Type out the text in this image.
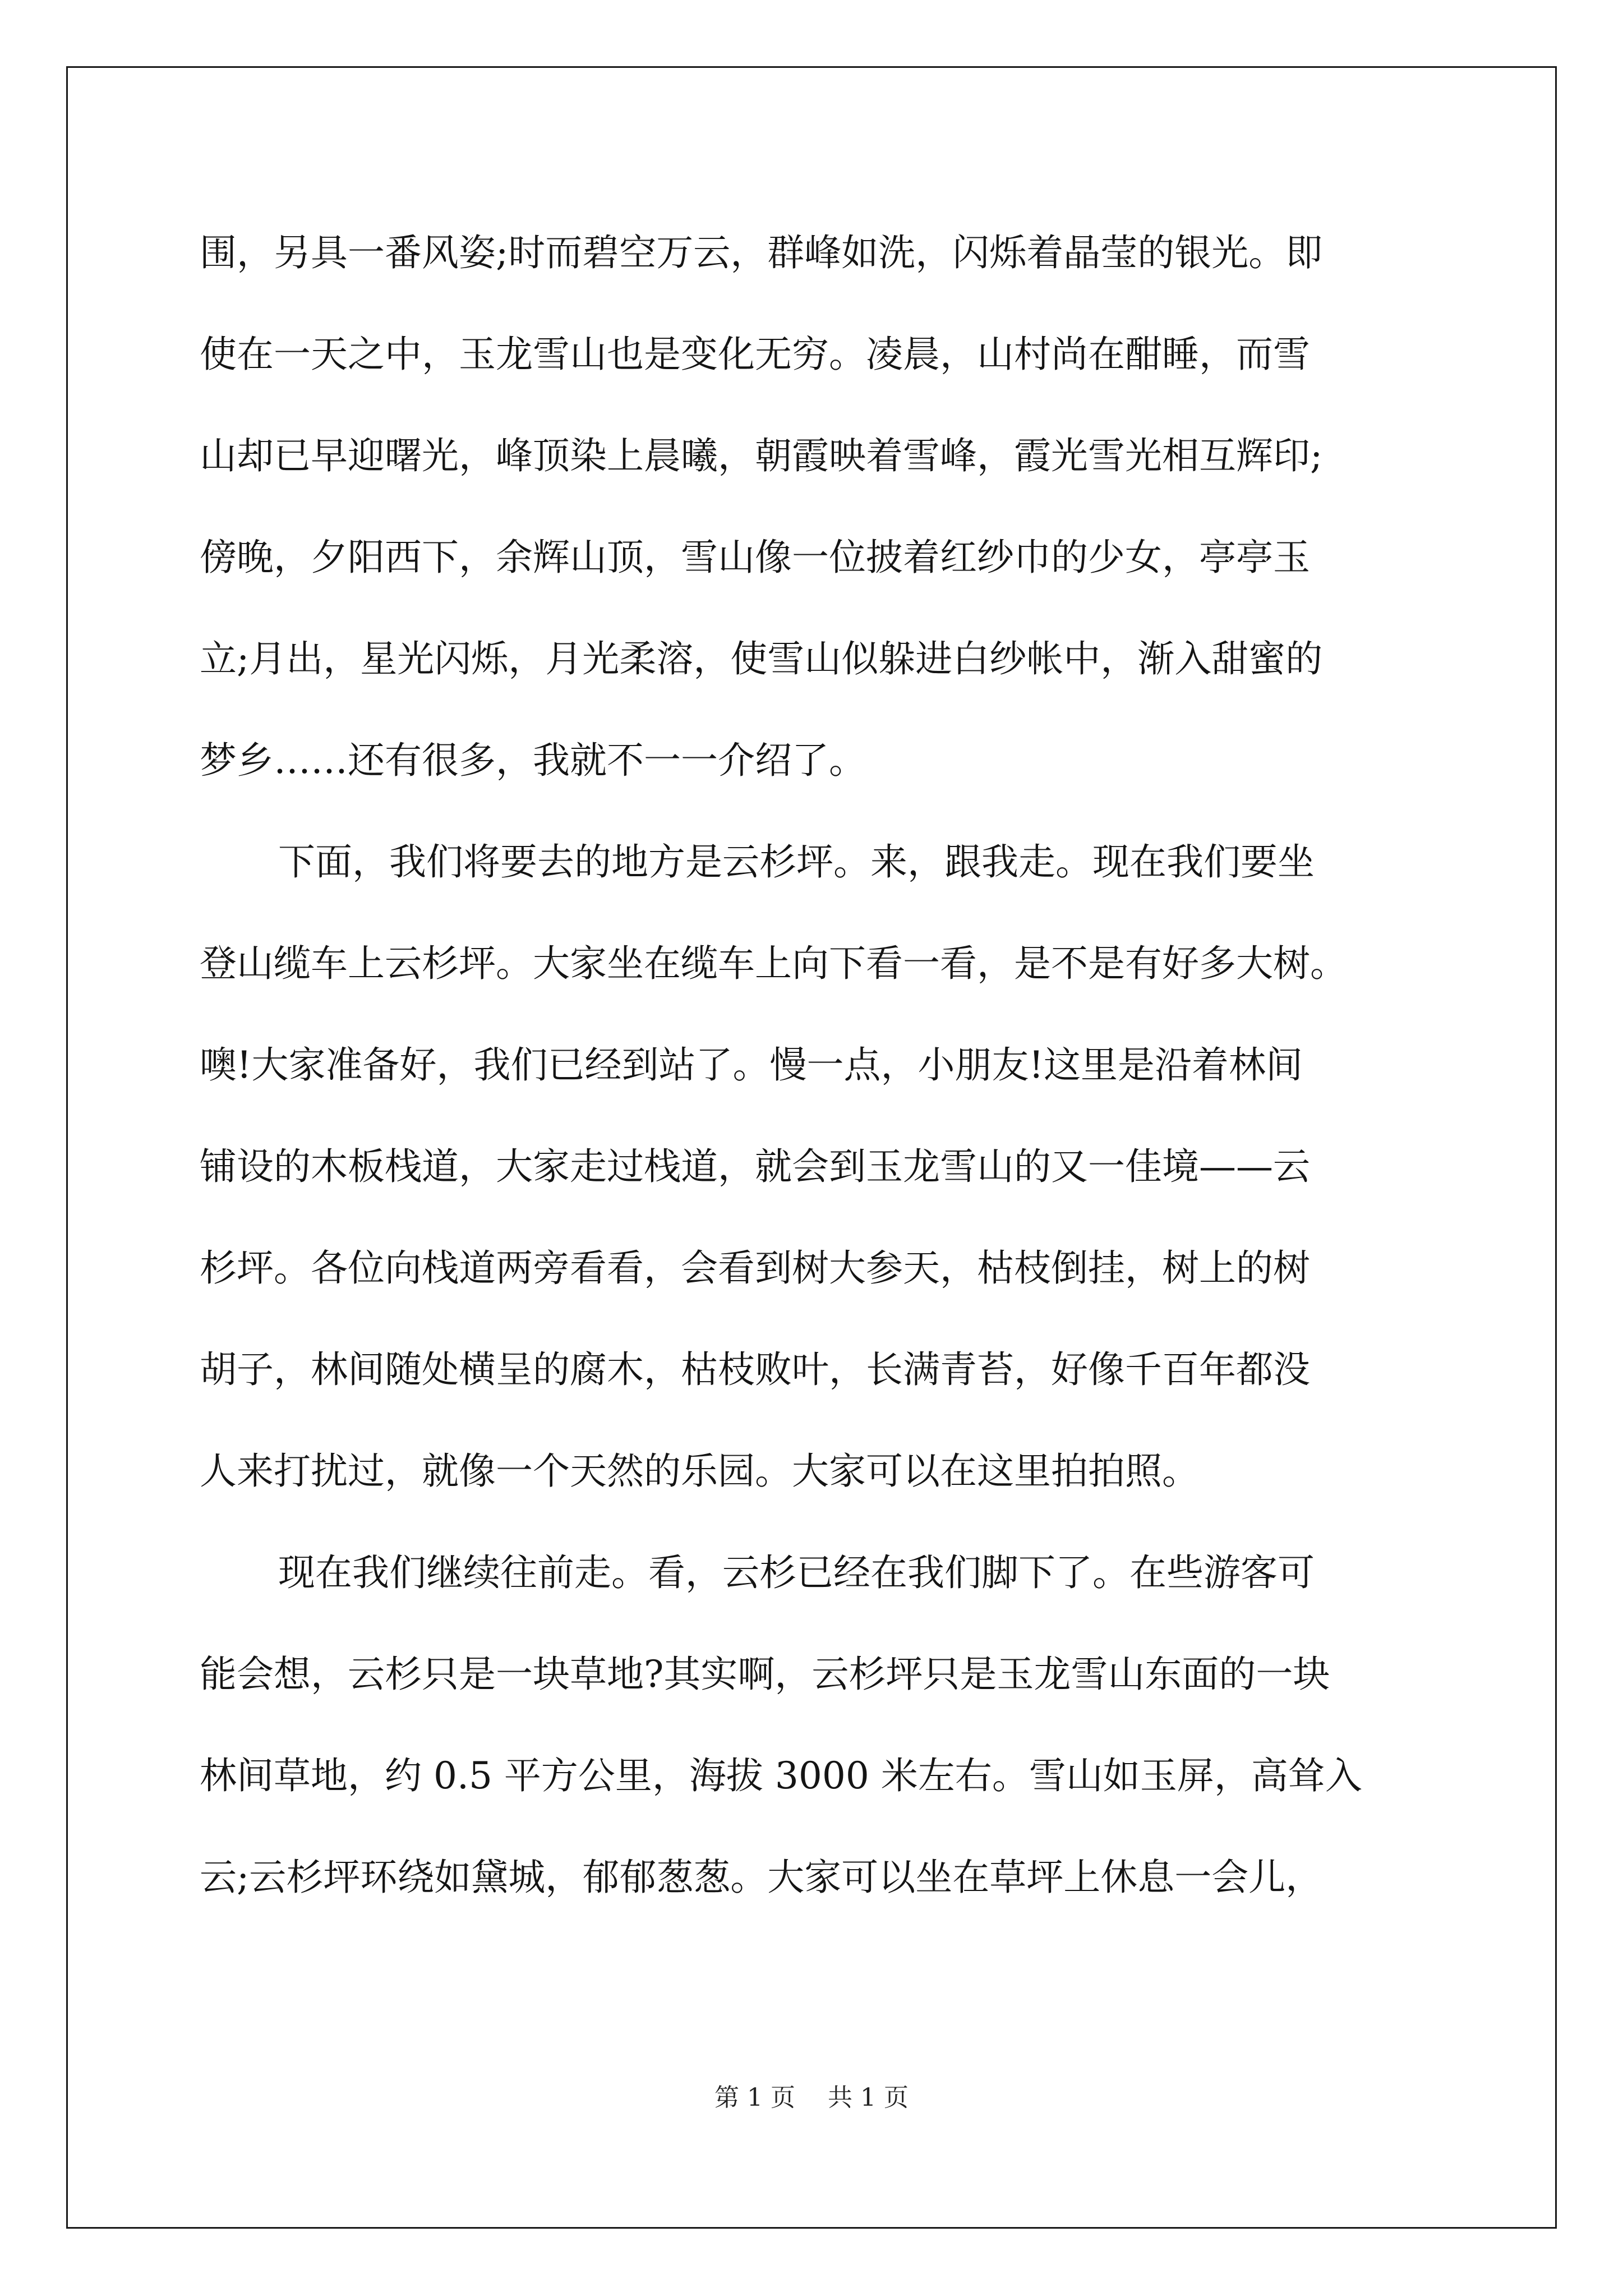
围，另具一番风姿;时而碧空万云，群峰如洗，闪烁着晶莹的银光。即
使在一天之中，玉龙雪山也是变化无穷。凌晨，山村尚在酣睡，而雪
山却已早迎曙光，峰顶染上晨曦，朝霞映着雪峰，霞光雪光相互辉印;
傍晚，夕阳西下，余辉山顶，雪山像一位披着红纱巾的少女，亭亭玉
立;月出，星光闪烁，月光柔溶，使雪山似躲进白纱帐中，渐入甜蜜的
梦乡……还有很多，我就不一一介绍了。
下面，我们将要去的地方是云杉坪。来，跟我走。现在我们要坐
登山缆车上云杉坪。大家坐在缆车上向下看一看，是不是有好多大树。
噢!大家准备好，我们已经到站了。慢一点，小朋友!这里是沿着林间
铺设的木板栈道，大家走过栈道，就会到玉龙雪山的又一佳境——云
杉坪。各位向栈道两旁看看，会看到树大参天，枯枝倒挂，树上的树
胡子，林间随处横呈的腐木，枯枝败叶，长满青苔，好像千百年都没
人来打扰过，就像一个天然的乐园。大家可以在这里拍拍照。
现在我们继续往前走。看，云杉已经在我们脚下了。在些游客可
能会想，云杉只是一块草地?其实啊，云杉坪只是玉龙雪山东面的一块
林间草地，约 0.5 平方公里，海拔 3000 米左右。雪山如玉屏，高耸入
云;云杉坪环绕如黛城，郁郁葱葱。大家可以坐在草坪上休息一会儿，
第 1 页 共 1 页
